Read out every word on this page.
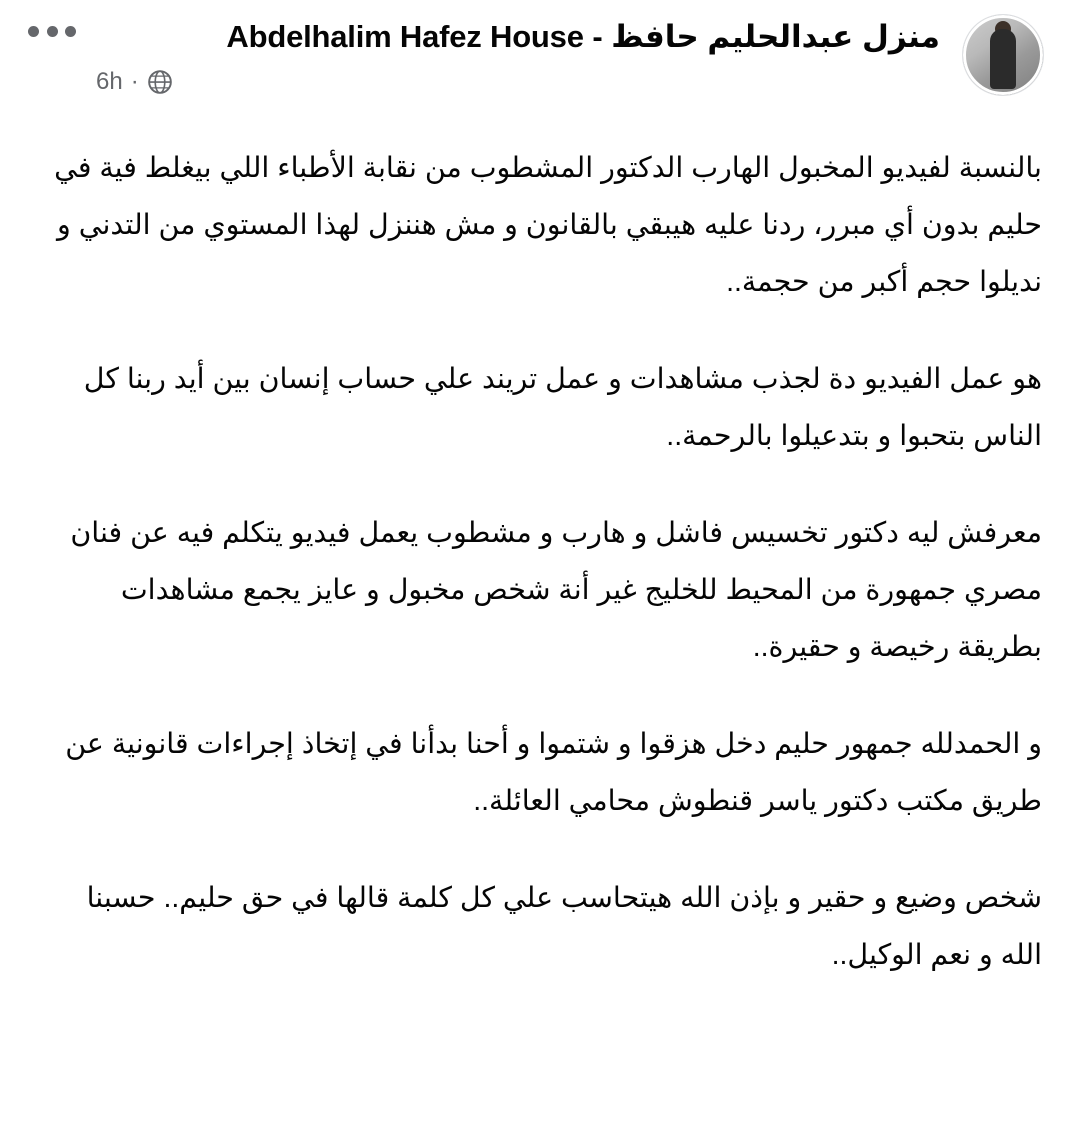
منزل عبدالحليم حافظ - Abdelhalim Hafez House
·
6h

بالنسبة لفيديو المخبول الهارب الدكتور المشطوب من نقابة الأطباء اللي بيغلط فية في حليم بدون أي مبرر، ردنا عليه هيبقي بالقانون و مش هننزل لهذا المستوي من التدني و نديلوا حجم أكبر من حجمة..

هو عمل الفيديو دة لجذب مشاهدات و عمل تريند علي حساب إنسان بين أيد ربنا كل الناس بتحبوا و بتدعيلوا بالرحمة..

معرفش ليه دكتور تخسيس فاشل و هارب و مشطوب يعمل فيديو يتكلم فيه عن فنان مصري جمهورة من المحيط للخليج غير أنة شخص مخبول و عايز يجمع مشاهدات بطريقة رخيصة و حقيرة..

و الحمدلله جمهور حليم دخل هزقوا و شتموا و أحنا بدأنا في إتخاذ إجراءات قانونية عن طريق مكتب دكتور ياسر قنطوش محامي العائلة..

شخص وضيع و حقير و بإذن الله هيتحاسب علي كل كلمة قالها في حق حليم.. حسبنا الله و نعم الوكيل..
